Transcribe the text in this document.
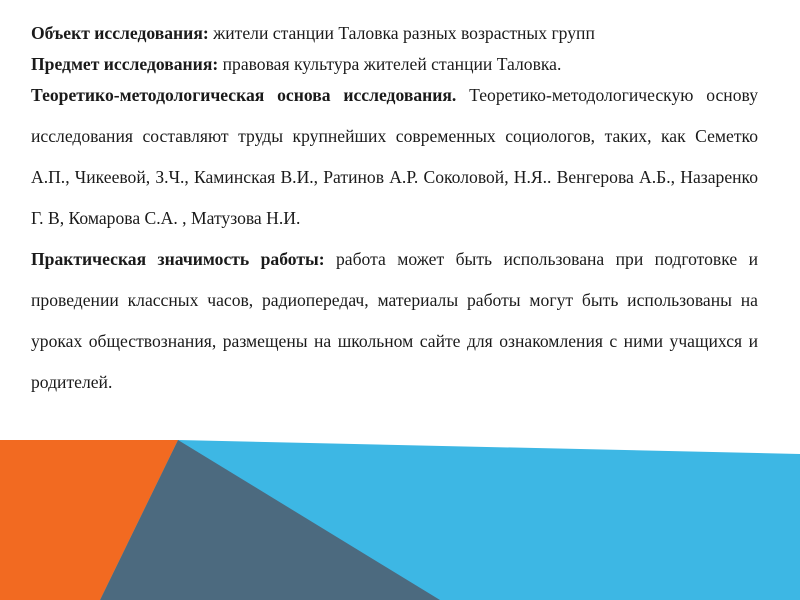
Объект исследования: жители станции Таловка разных возрастных групп

Предмет исследования: правовая культура жителей станции Таловка.

Теоретико-методологическая основа исследования. Теоретико-методологическую основу исследования составляют труды крупнейших современных социологов, таких, как Семетко А.П., Чикеевой, З.Ч., Каминская В.И., Ратинов А.Р. Соколовой, Н.Я.. Венгерова А.Б., Назаренко Г. В, Комарова С.А. , Матузова Н.И.

Практическая значимость работы: работа может быть использована при подготовке и проведении классных часов, радиопередач, материалы работы могут быть использованы на уроках обществознания, размещены на школьном сайте для ознакомления с ними учащихся и родителей.
